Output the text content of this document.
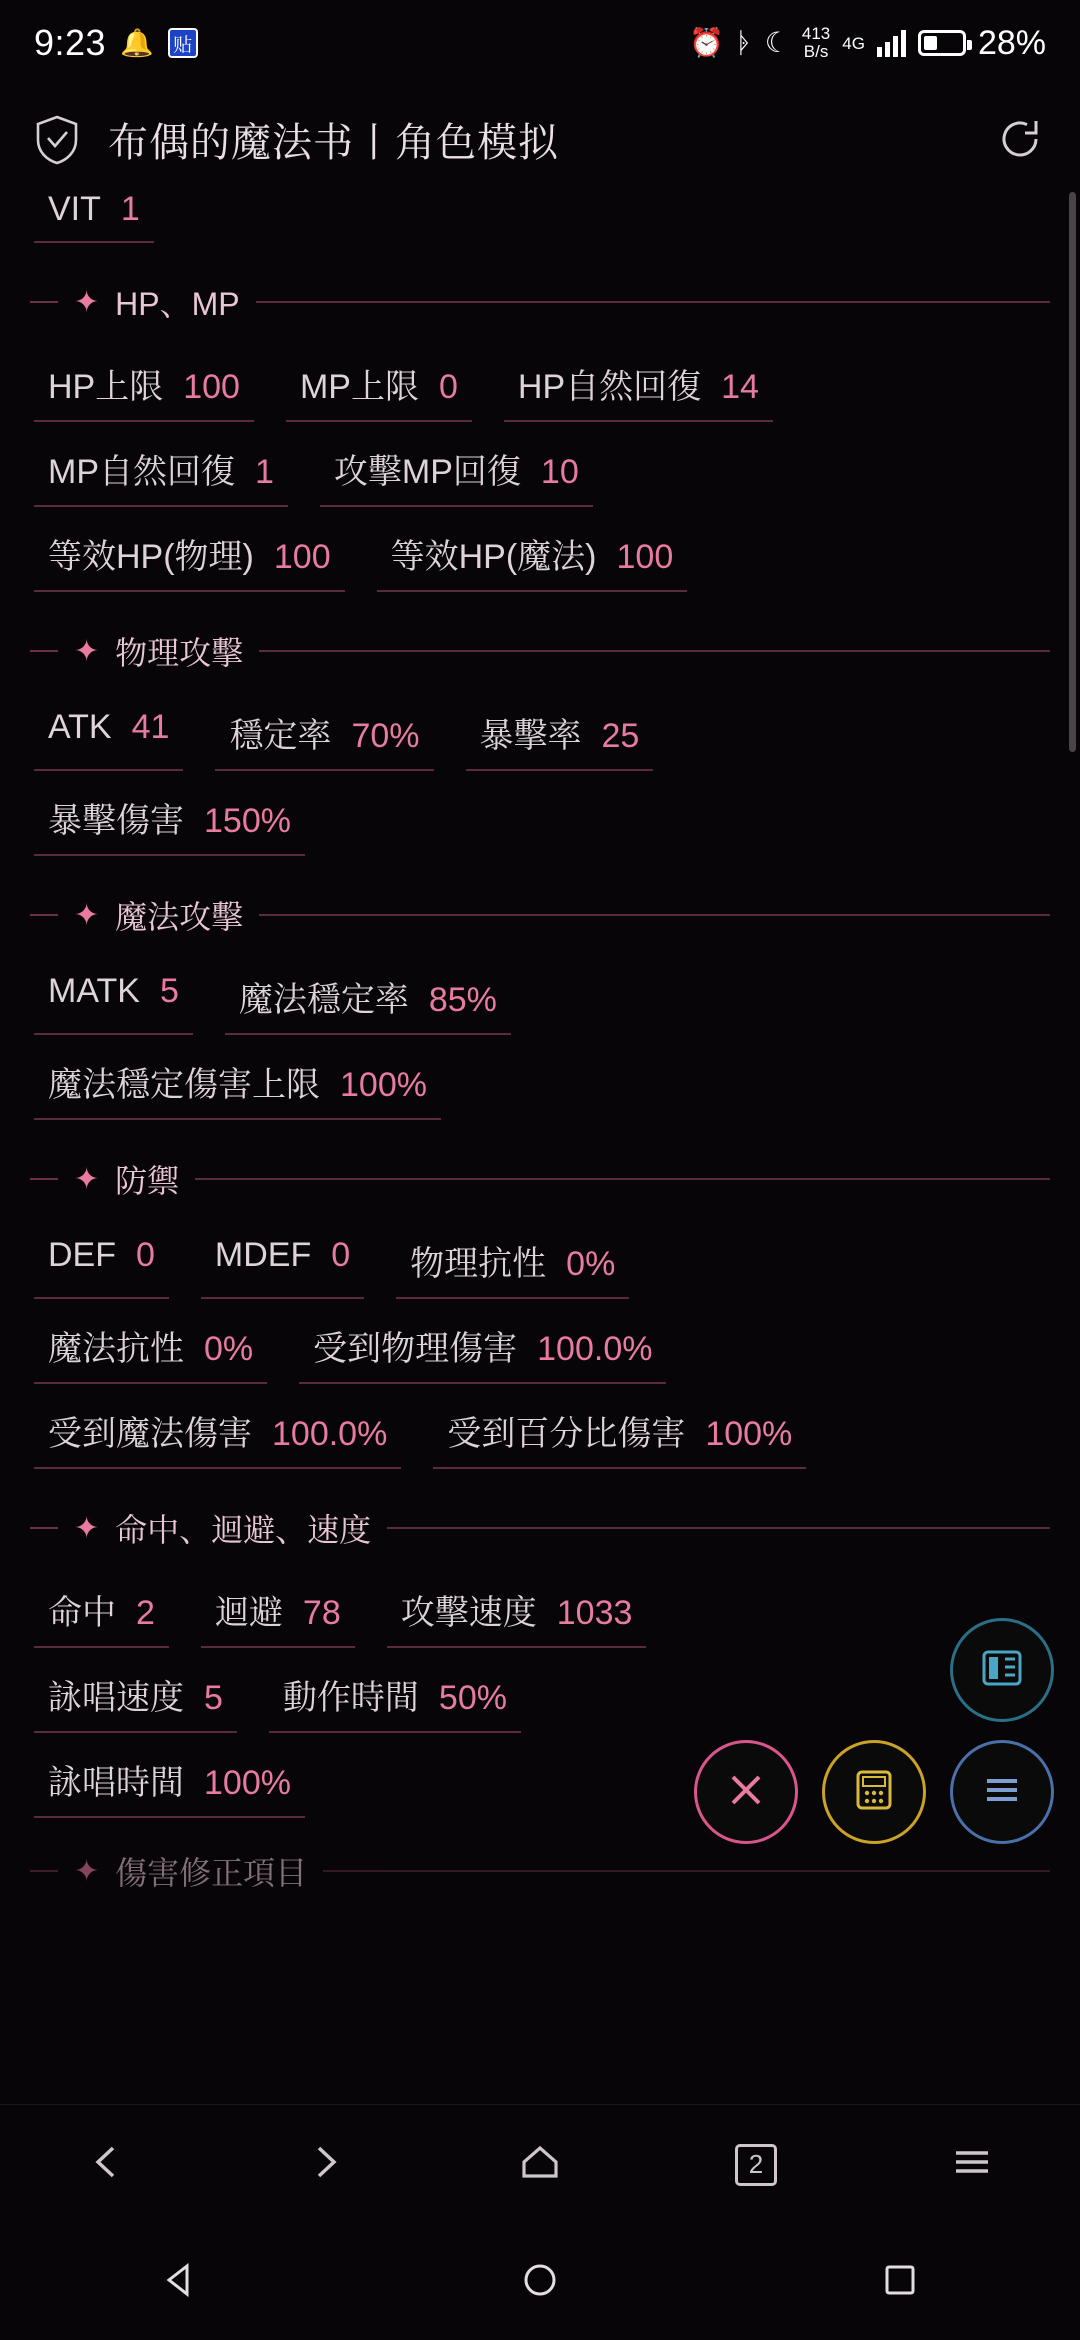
9:23 🔔 贴	⏰ ᚧ ☾ 413
B/s 4G	28%
布偶的魔法书丨角色模拟
VIT 1
✦ HP、MP
HP上限 100 MP上限 0 HP自然回復 14
MP自然回復 1 攻擊MP回復 10
等效HP(物理) 100 等效HP(魔法) 100
✦ 物理攻擊
ATK 41 穩定率 70% 暴擊率 25
暴擊傷害 150%
✦ 魔法攻擊
MATK 5 魔法穩定率 85%
魔法穩定傷害上限 100%
✦ 防禦
DEF 0 MDEF 0 物理抗性 0%
魔法抗性 0% 受到物理傷害 100.0%
受到魔法傷害 100.0% 受到百分比傷害 100%
✦ 命中、迴避、速度
命中 2 迴避 78 攻擊速度 1033
詠唱速度 5 動作時間 50%
詠唱時間 100%
✦ 傷害修正項目
2
